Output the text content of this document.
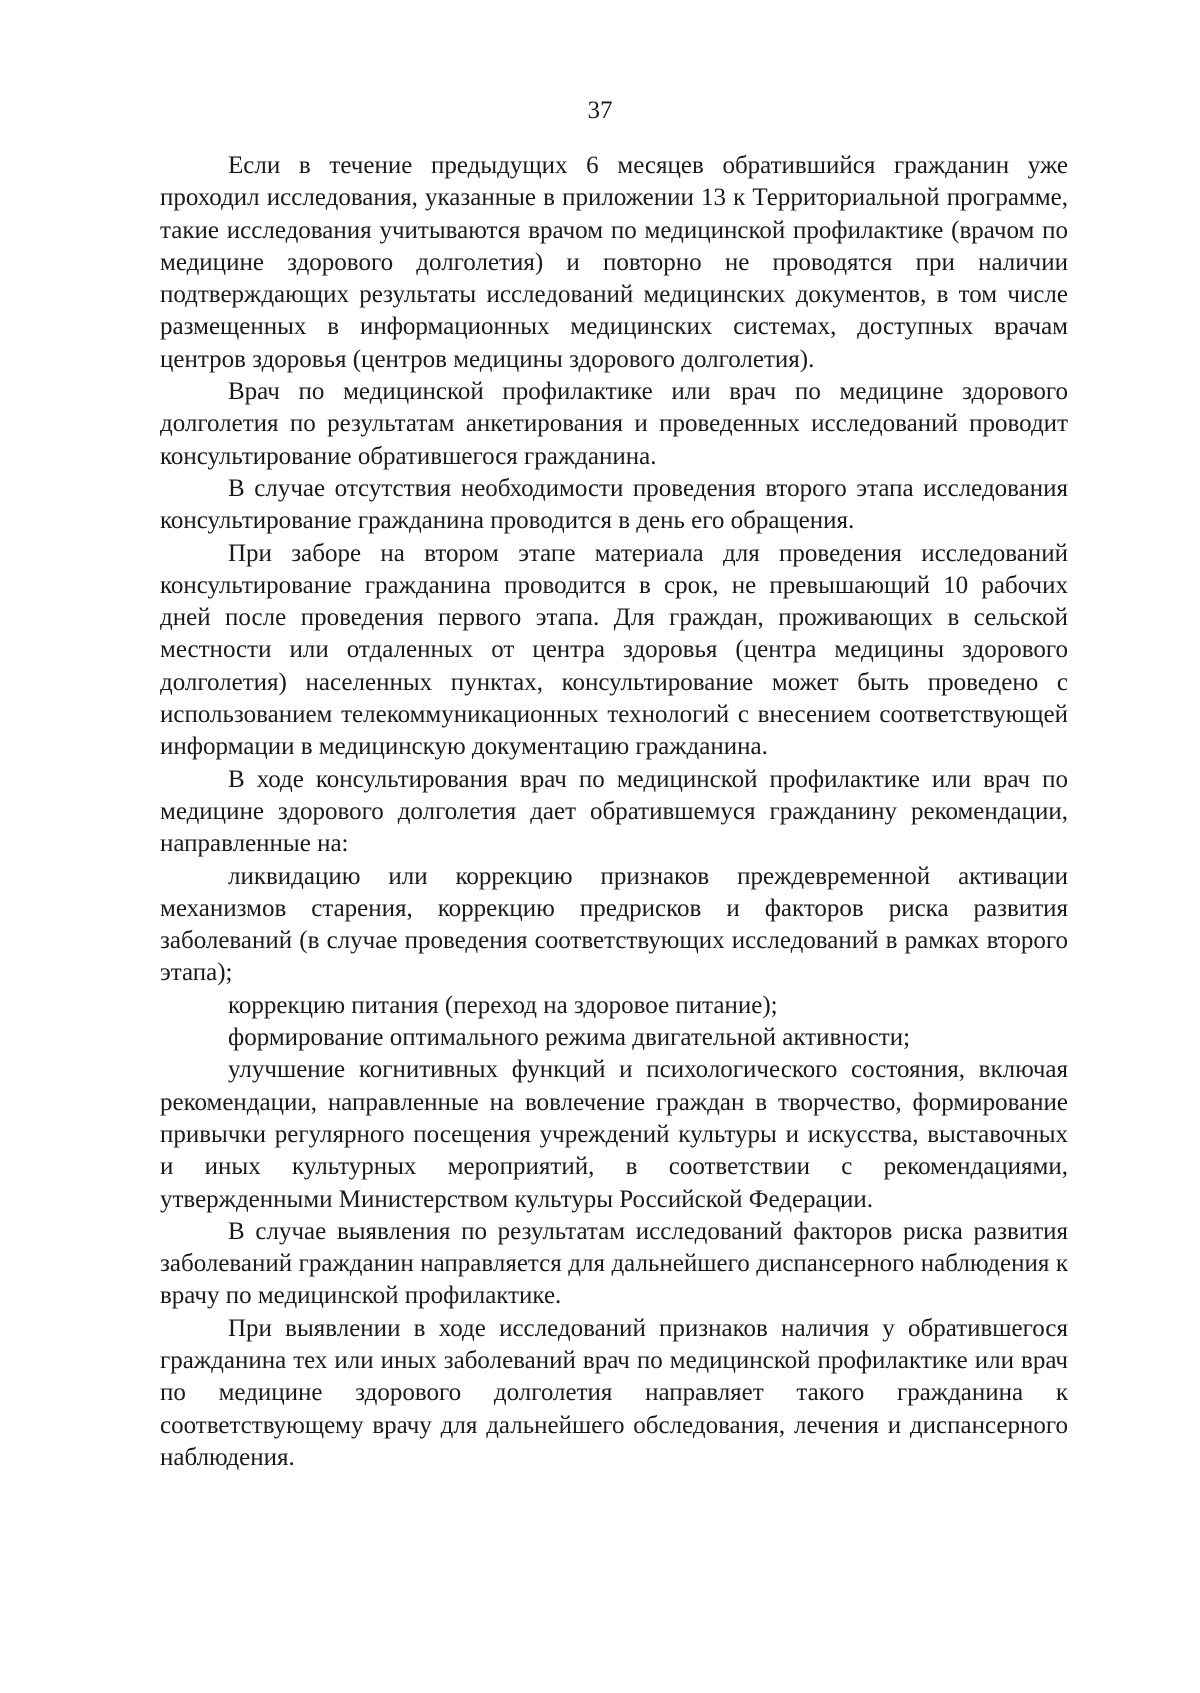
37

Если в течение предыдущих 6 месяцев обратившийся гражданин уже проходил исследования, указанные в приложении 13 к Территориальной программе, такие исследования учитываются врачом по медицинской профилактике (врачом по медицине здорового долголетия) и повторно не проводятся при наличии подтверждающих результаты исследований медицинских документов, в том числе размещенных в информационных медицинских системах, доступных врачам центров здоровья (центров медицины здорового долголетия).

Врач по медицинской профилактике или врач по медицине здорового долголетия по результатам анкетирования и проведенных исследований проводит консультирование обратившегося гражданина.

В случае отсутствия необходимости проведения второго этапа исследования консультирование гражданина проводится в день его обращения.

При заборе на втором этапе материала для проведения исследований консультирование гражданина проводится в срок, не превышающий 10 рабочих дней после проведения первого этапа. Для граждан, проживающих в сельской местности или отдаленных от центра здоровья (центра медицины здорового долголетия) населенных пунктах, консультирование может быть проведено с использованием телекоммуникационных технологий с внесением соответствующей информации в медицинскую документацию гражданина.

В ходе консультирования врач по медицинской профилактике или врач по медицине здорового долголетия дает обратившемуся гражданину рекомендации, направленные на:

ликвидацию или коррекцию признаков преждевременной активации механизмов старения, коррекцию предрисков и факторов риска развития заболеваний (в случае проведения соответствующих исследований в рамках второго этапа);

коррекцию питания (переход на здоровое питание);

формирование оптимального режима двигательной активности;

улучшение когнитивных функций и психологического состояния, включая рекомендации, направленные на вовлечение граждан в творчество, формирование привычки регулярного посещения учреждений культуры и искусства, выставочных и иных культурных мероприятий, в соответствии с рекомендациями, утвержденными Министерством культуры Российской Федерации.

В случае выявления по результатам исследований факторов риска развития заболеваний гражданин направляется для дальнейшего диспансерного наблюдения к врачу по медицинской профилактике.

При выявлении в ходе исследований признаков наличия у обратившегося гражданина тех или иных заболеваний врач по медицинской профилактике или врач по медицине здорового долголетия направляет такого гражданина к соответствующему врачу для дальнейшего обследования, лечения и диспансерного наблюдения.
